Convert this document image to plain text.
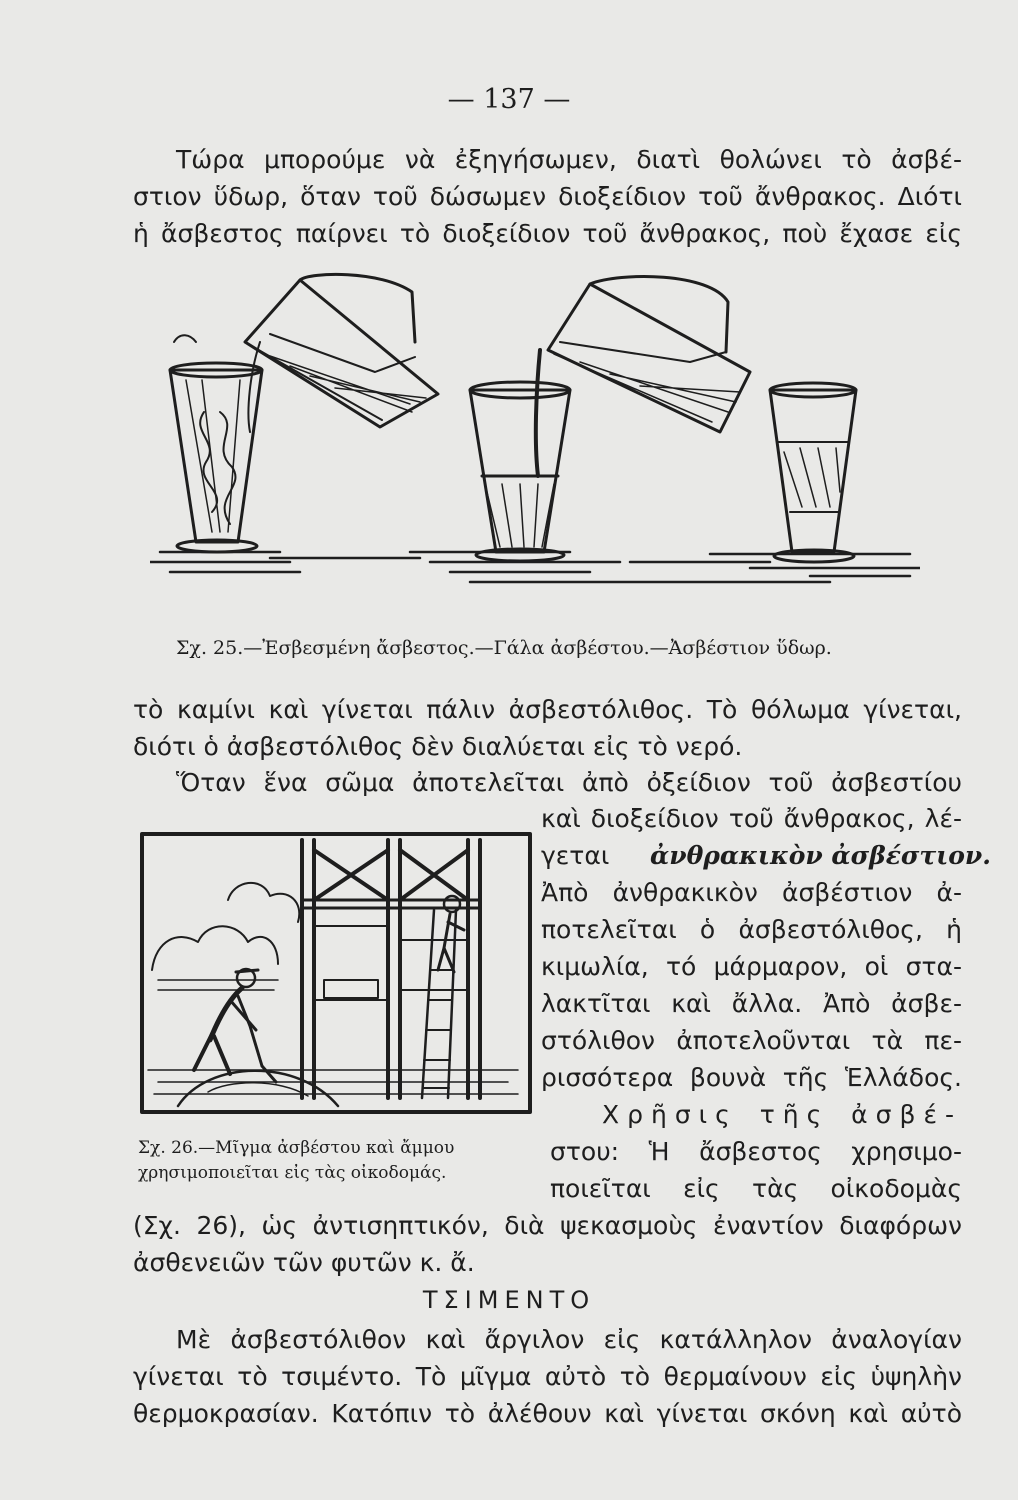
— 137 —
Τώρα μπορούμε νὰ ἐξηγήσωμεν, διατὶ θολώνει τὸ ἀσβέ-
στιον ὕδωρ, ὅταν τοῦ δώσωμεν διοξείδιον τοῦ ἄνθρακος. Διότι
ἡ ἄσβεστος παίρνει τὸ διοξείδιον τοῦ ἄνθρακος, ποὺ ἔχασε εἰς
Σχ. 25.—Ἐσβεσμένη ἄσβεστος.—Γάλα ἀσβέστου.—Ἀσβέστιον ὕδωρ.
τὸ καμίνι καὶ γίνεται πάλιν ἀσβεστόλιθος. Τὸ θόλωμα γίνεται,
διότι ὁ ἀσβεστόλιθος δὲν διαλύεται εἰς τὸ νερό.
Ὅταν ἕνα σῶμα ἀποτελεῖται ἀπὸ ὀξείδιον τοῦ ἀσβεστίου
καὶ διοξείδιον τοῦ ἄνθρακος, λέ-
γεται ἀνθρακικὸν ἀσβέστιον.
Ἀπὸ ἀνθρακικὸν ἀσβέστιον ἀ-
ποτελεῖται ὁ ἀσβεστόλιθος, ἡ
κιμωλία, τό μάρμαρον, οἱ στα-
λακτῖται καὶ ἄλλα. Ἀπὸ ἀσβε-
στόλιθον ἀποτελοῦνται τὰ πε-
ρισσότερα βουνὰ τῆς Ἑλλάδος.
Χρῆσις τῆς ἀσβέ-
στου: Ἡ ἄσβεστος χρησιμο-
ποιεῖται εἰς τὰς οἰκοδομὰς
Σχ. 26.—Μῖγμα ἀσβέστου καὶ ἄμμου
χρησιμοποιεῖται εἰς τὰς οἰκοδομάς.
(Σχ. 26), ὡς ἀντισηπτικόν, διὰ ψεκασμοὺς ἐναντίον διαφόρων
ἀσθενειῶν τῶν φυτῶν κ. ἄ.
ΤΣΙΜΕΝΤΟ
Μὲ ἀσβεστόλιθον καὶ ἄργιλον εἰς κατάλληλον ἀναλογίαν
γίνεται τὸ τσιμέντο. Τὸ μῖγμα αὐτὸ τὸ θερμαίνουν εἰς ὑψηλὴν
θερμοκρασίαν. Κατόπιν τὸ ἀλέθουν καὶ γίνεται σκόνη καὶ αὐτὸ
